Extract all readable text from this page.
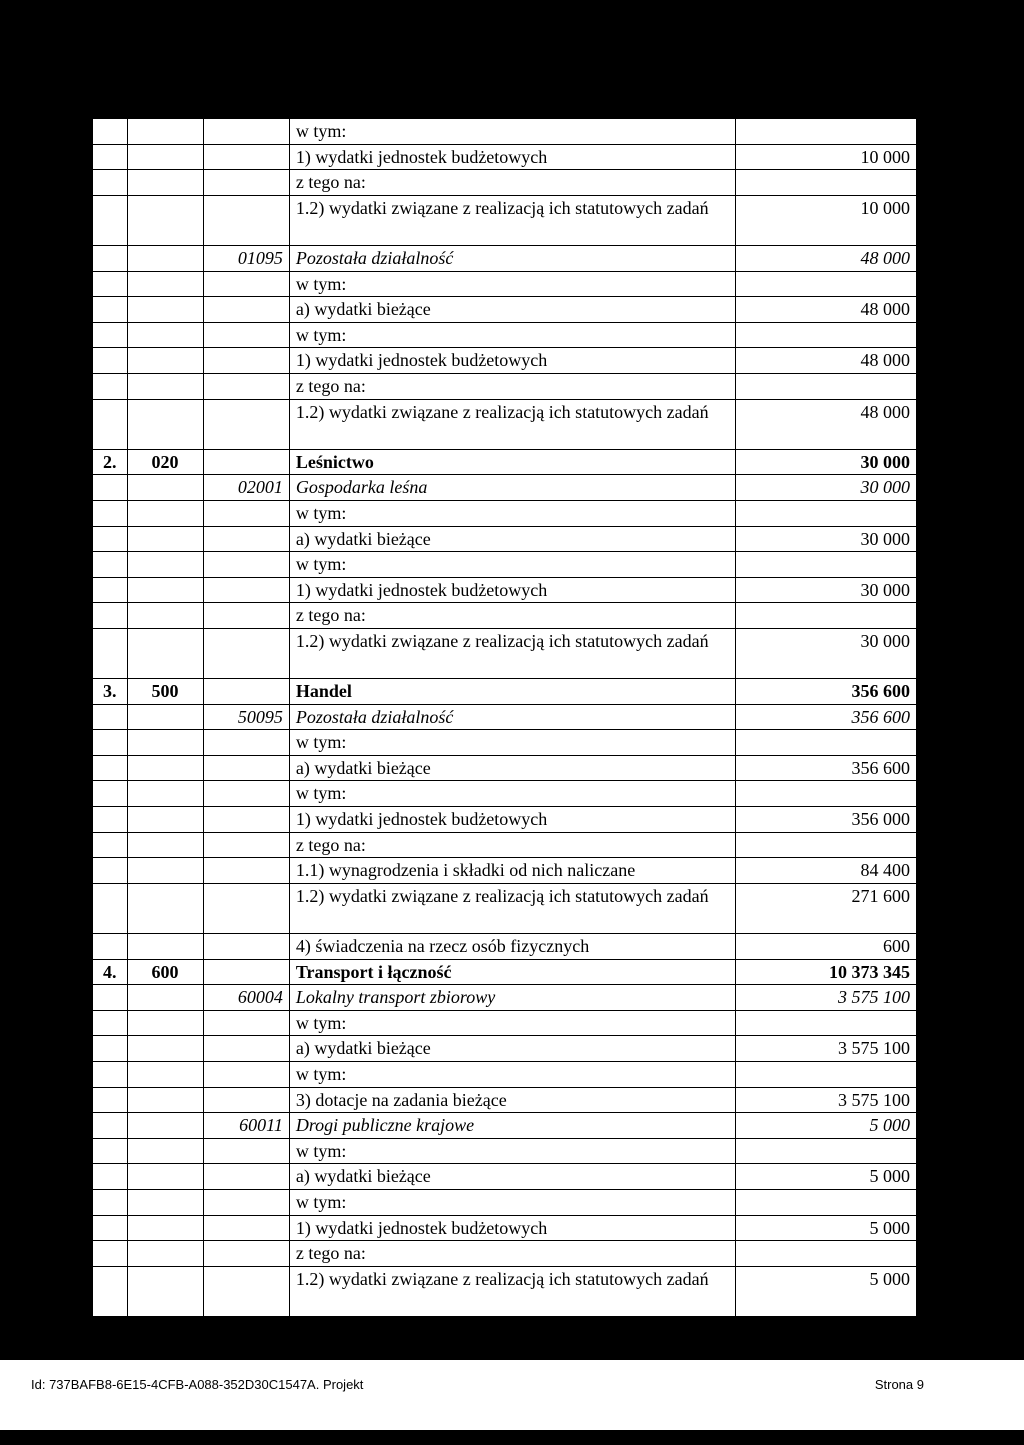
			w tym:	
			1) wydatki jednostek budżetowych	10 000
			z tego na:	
			1.2) wydatki związane z realizacją ich statutowych zadań	10 000
		01095	Pozostała działalność	48 000
			w tym:	
			a) wydatki bieżące	48 000
			w tym:	
			1) wydatki jednostek budżetowych	48 000
			z tego na:	
			1.2) wydatki związane z realizacją ich statutowych zadań	48 000
2.	020		Leśnictwo	30 000
		02001	Gospodarka leśna	30 000
			w tym:	
			a) wydatki bieżące	30 000
			w tym:	
			1) wydatki jednostek budżetowych	30 000
			z tego na:	
			1.2) wydatki związane z realizacją ich statutowych zadań	30 000
3.	500		Handel	356 600
		50095	Pozostała działalność	356 600
			w tym:	
			a) wydatki bieżące	356 600
			w tym:	
			1) wydatki jednostek budżetowych	356 000
			z tego na:	
			1.1) wynagrodzenia i składki od nich naliczane	84 400
			1.2) wydatki związane z realizacją ich statutowych zadań	271 600
			4) świadczenia na rzecz osób fizycznych	600
4.	600		Transport i łączność	10 373 345
		60004	Lokalny transport zbiorowy	3 575 100
			w tym:	
			a) wydatki bieżące	3 575 100
			w tym:	
			3) dotacje na zadania bieżące	3 575 100
		60011	Drogi publiczne krajowe	5 000
			w tym:	
			a) wydatki bieżące	5 000
			w tym:	
			1) wydatki jednostek budżetowych	5 000
			z tego na:	
			1.2) wydatki związane z realizacją ich statutowych zadań	5 000
Id: 737BAFB8-6E15-4CFB-A088-352D30C1547A. Projekt	Strona 9
